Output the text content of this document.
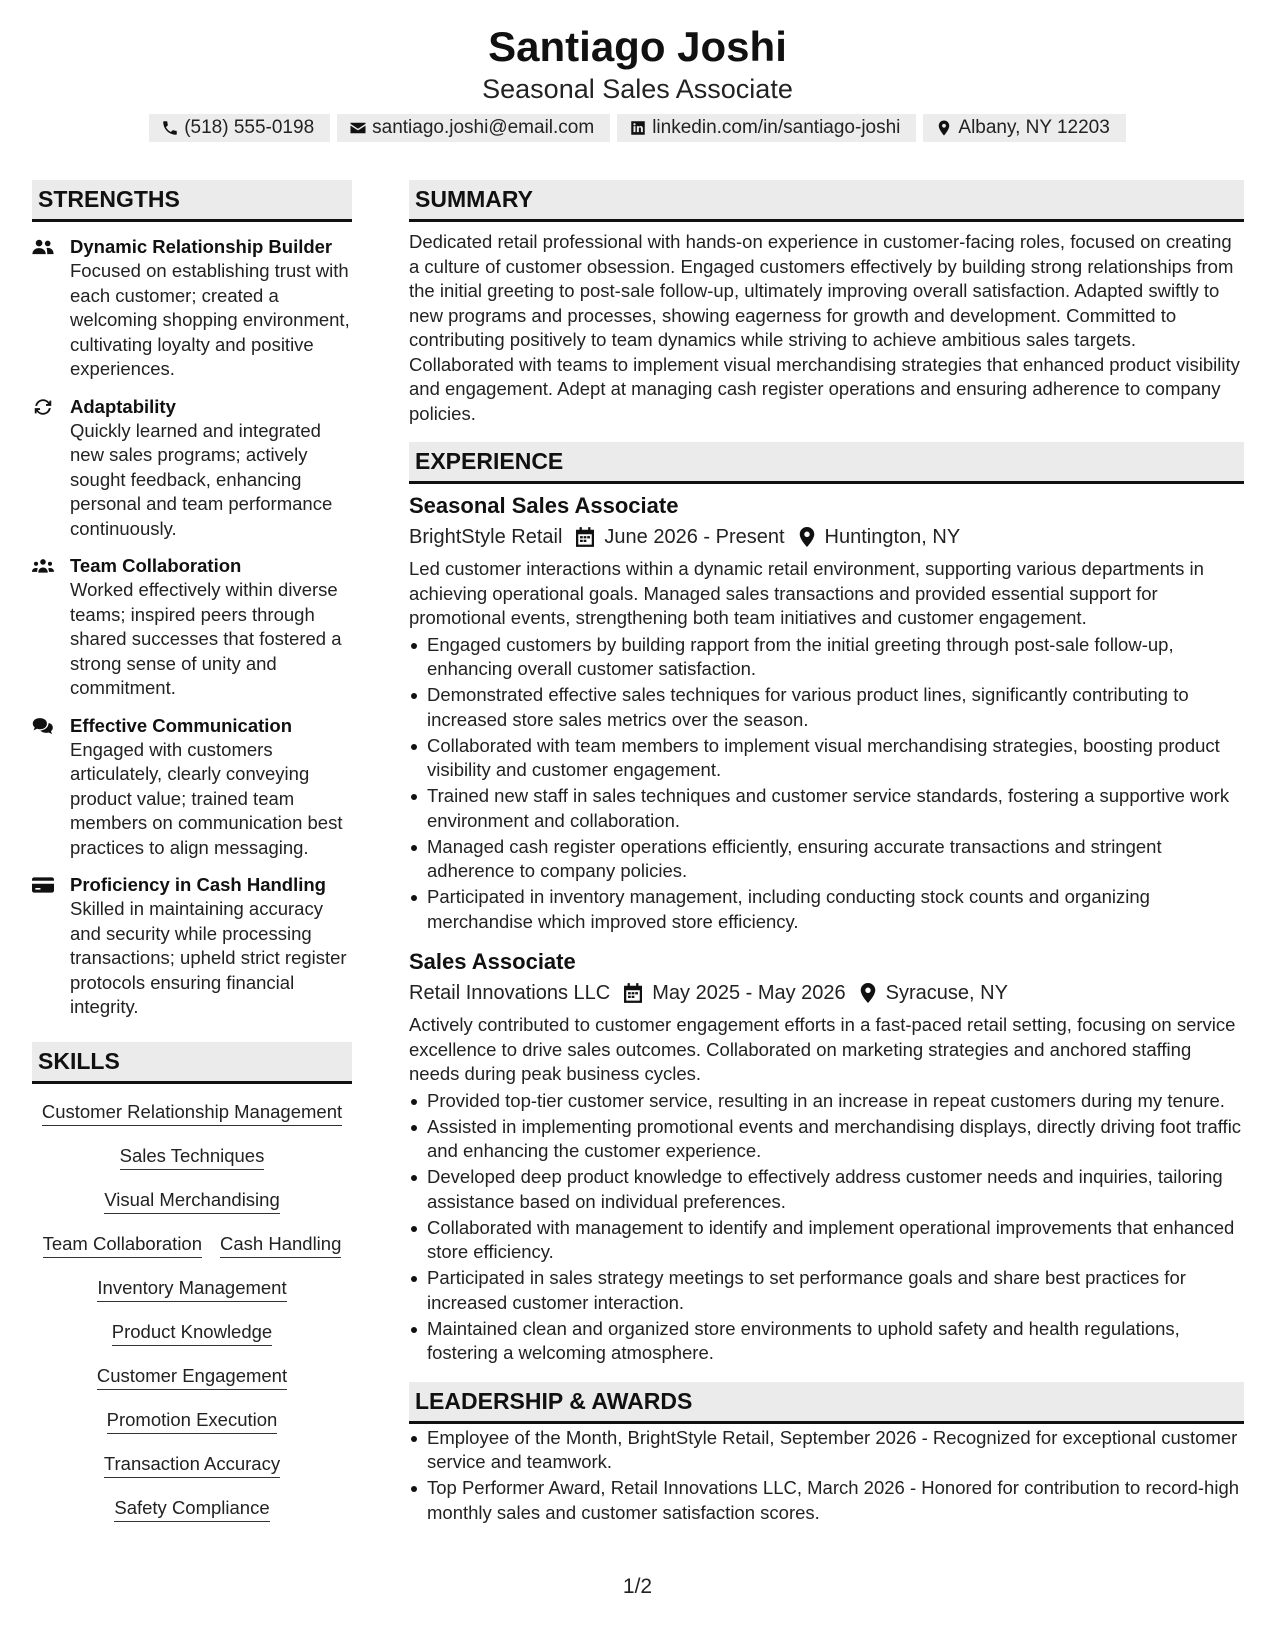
Santiago Joshi
Seasonal Sales Associate
(518) 555-0198	santiago.joshi@email.com	linkedin.com/in/santiago-joshi	Albany, NY 12203
STRENGTHS
Dynamic Relationship Builder
Focused on establishing trust with each customer; created a welcoming shopping environment, cultivating loyalty and positive experiences.
Adaptability
Quickly learned and integrated new sales programs; actively sought feedback, enhancing personal and team performance continuously.
Team Collaboration
Worked effectively within diverse teams; inspired peers through shared successes that fostered a strong sense of unity and commitment.
Effective Communication
Engaged with customers articulately, clearly conveying product value; trained team members on communication best practices to align messaging.
Proficiency in Cash Handling
Skilled in maintaining accuracy and security while processing transactions; upheld strict register protocols ensuring financial integrity.
SKILLS
Customer Relationship Management
Sales Techniques
Visual Merchandising
Team Collaboration Cash Handling
Inventory Management
Product Knowledge
Customer Engagement
Promotion Execution
Transaction Accuracy
Safety Compliance
SUMMARY
Dedicated retail professional with hands-on experience in customer-facing roles, focused on creating a culture of customer obsession. Engaged customers effectively by building strong relationships from the initial greeting to post-sale follow-up, ultimately improving overall satisfaction. Adapted swiftly to new programs and processes, showing eagerness for growth and development. Committed to contributing positively to team dynamics while striving to achieve ambitious sales targets. Collaborated with teams to implement visual merchandising strategies that enhanced product visibility and engagement. Adept at managing cash register operations and ensuring adherence to company policies.
EXPERIENCE
Seasonal Sales Associate
BrightStyle Retail June 2026 - Present Huntington, NY
Led customer interactions within a dynamic retail environment, supporting various departments in achieving operational goals. Managed sales transactions and provided essential support for promotional events, strengthening both team initiatives and customer engagement.
Engaged customers by building rapport from the initial greeting through post-sale follow-up, enhancing overall customer satisfaction.
Demonstrated effective sales techniques for various product lines, significantly contributing to increased store sales metrics over the season.
Collaborated with team members to implement visual merchandising strategies, boosting product visibility and customer engagement.
Trained new staff in sales techniques and customer service standards, fostering a supportive work environment and collaboration.
Managed cash register operations efficiently, ensuring accurate transactions and stringent adherence to company policies.
Participated in inventory management, including conducting stock counts and organizing merchandise which improved store efficiency.
Sales Associate
Retail Innovations LLC May 2025 - May 2026 Syracuse, NY
Actively contributed to customer engagement efforts in a fast-paced retail setting, focusing on service excellence to drive sales outcomes. Collaborated on marketing strategies and anchored staffing needs during peak business cycles.
Provided top-tier customer service, resulting in an increase in repeat customers during my tenure.
Assisted in implementing promotional events and merchandising displays, directly driving foot traffic and enhancing the customer experience.
Developed deep product knowledge to effectively address customer needs and inquiries, tailoring assistance based on individual preferences.
Collaborated with management to identify and implement operational improvements that enhanced store efficiency.
Participated in sales strategy meetings to set performance goals and share best practices for increased customer interaction.
Maintained clean and organized store environments to uphold safety and health regulations, fostering a welcoming atmosphere.
LEADERSHIP & AWARDS
Employee of the Month, BrightStyle Retail, September 2026 - Recognized for exceptional customer service and teamwork.
Top Performer Award, Retail Innovations LLC, March 2026 - Honored for contribution to record-high monthly sales and customer satisfaction scores.
1/2
